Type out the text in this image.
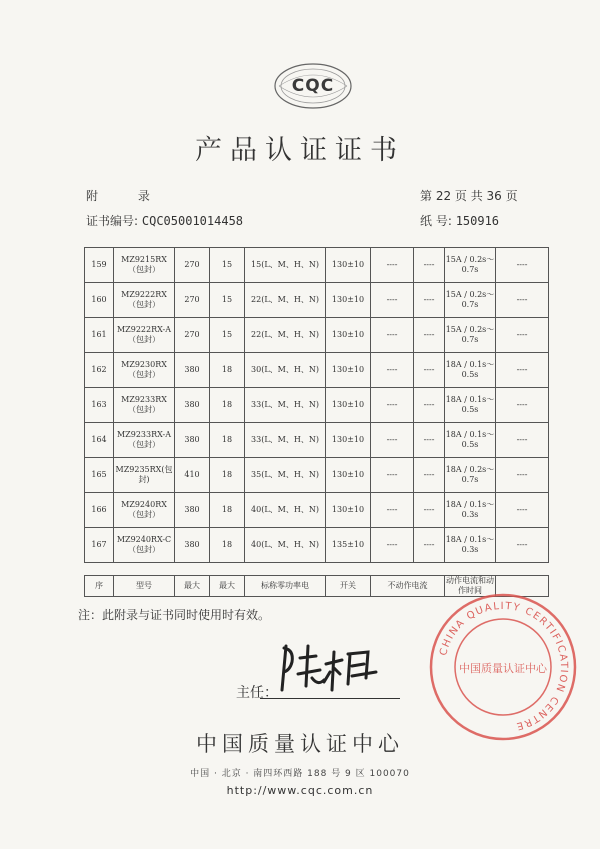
CQC
产品认证证书
附 录	第 22 页 共 36 页
证书编号: CQC05001014458	纸 号: 150916
159	MZ9215RX（包封）	270	15	15(L、M、H、N)	130±10	----	----	15A / 0.2s～0.7s	----
160	MZ9222RX（包封）	270	15	22(L、M、H、N)	130±10	----	----	15A / 0.2s～0.7s	----
161	MZ9222RX-A（包封）	270	15	22(L、M、H、N)	130±10	----	----	15A / 0.2s～0.7s	----
162	MZ9230RX（包封）	380	18	30(L、M、H、N)	130±10	----	----	18A / 0.1s～0.5s	----
163	MZ9233RX（包封）	380	18	33(L、M、H、N)	130±10	----	----	18A / 0.1s～0.5s	----
164	MZ9233RX-A（包封）	380	18	33(L、M、H、N)	130±10	----	----	18A / 0.1s～0.5s	----
165	MZ9235RX(包封)	410	18	35(L、M、H、N)	130±10	----	----	18A / 0.2s～0.7s	----
166	MZ9240RX（包封）	380	18	40(L、M、H、N)	130±10	----	----	18A / 0.1s～0.3s	----
167	MZ9240RX-C（包封）	380	18	40(L、M、H、N)	135±10	----	----	18A / 0.1s～0.3s	----

序	型号	最大	最大	标称零功率电	开关	不动作电流		动作电流和动作时间	
注：此附录与证书同时使用时有效。
主任：
CHINA QUALITY CERTIFICATION CENTRE
中国质量认证中心
中国质量认证中心
中国 · 北京 · 南四环西路 188 号 9 区 100070
http://www.cqc.com.cn
